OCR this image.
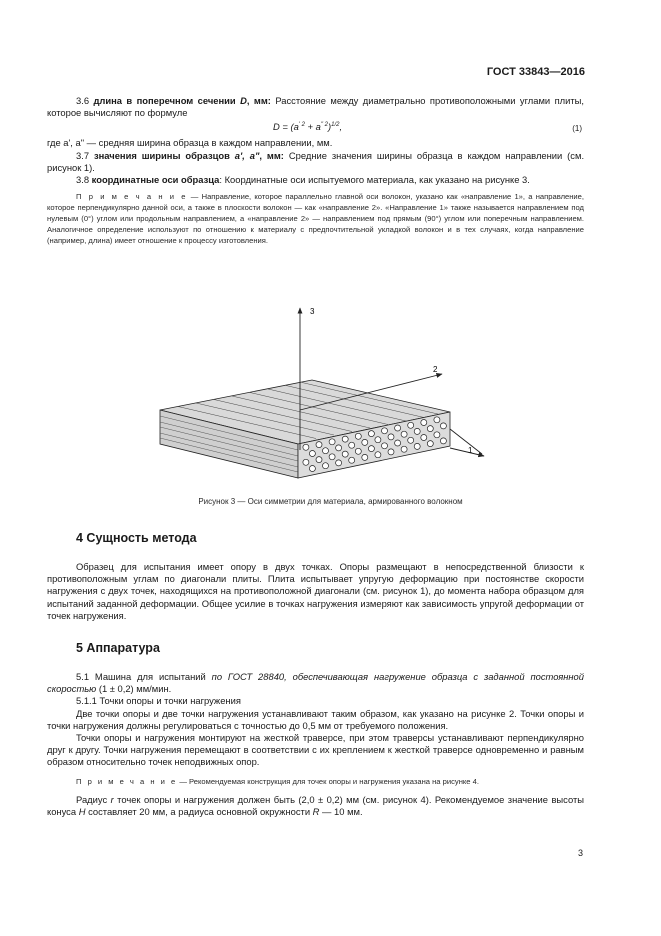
ГОСТ 33843—2016

3.6 длина в поперечном сечении D, мм: Расстояние между диаметрально противоположными углами плиты, которое вычисляют по формуле

$D = (a^{' 2} + a^{" 2})^{1/2}$,	(1)

где a', a" — средняя ширина образца в каждом направлении, мм.

3.7 значения ширины образцов a', a", мм: Средние значения ширины образца в каждом направлении (см. рисунок 1).

3.8 координатные оси образца: Координатные оси испытуемого материала, как указано на рисунке 3.

П р и м е ч а н и е — Направление, которое параллельно главной оси волокон, указано как «направление 1», а направление, которое перпендикулярно данной оси, а также в плоскости волокон — как «направление 2». «Направление 1» также называется направлением под нулевым (0°) углом или продольным направлением, а «направление 2» — направлением под прямым (90°) углом или поперечным направлением. Аналогичное определение используют по отношению к материалу с предпочтительной укладкой волокон и в тех случаях, когда направление (например, длина) имеет отношение к процессу изготовления.

3
2
1
Рисунок 3 — Оси симметрии для материала, армированного волокном
4 Сущность метода

Образец для испытания имеет опору в двух точках. Опоры размещают в непосредственной близости к противоположным углам по диагонали плиты. Плита испытывает упругую деформацию при постоянстве скорости нагружения с двух точек, находящихся на противоположной диагонали (см. рисунок 1), до момента набора образцом для испытаний заданной деформации. Общее усилие в точках нагружения измеряют как зависимость упругой деформации от точек нагружения.

5 Аппаратура

5.1 Машина для испытаний по ГОСТ 28840, обеспечивающая нагружение образца с заданной постоянной скоростью (1 ± 0,2) мм/мин.

5.1.1 Точки опоры и точки нагружения

Две точки опоры и две точки нагружения устанавливают таким образом, как указано на рисунке 2. Точки опоры и точки нагружения должны регулироваться с точностью до 0,5 мм от требуемого положения.

Точки опоры и нагружения монтируют на жесткой траверсе, при этом траверсы устанавливают перпендикулярно друг к другу. Точки нагружения перемещают в соответствии с их креплением к жесткой траверсе одновременно и равным образом относительно точек неподвижных опор.

П р и м е ч а н и е — Рекомендуемая конструкция для точек опоры и нагружения указана на рисунке 4.

Радиус r точек опоры и нагружения должен быть (2,0 ± 0,2) мм (см. рисунок 4). Рекомендуемое значение высоты конуса H составляет 20 мм, а радиуса основной окружности R — 10 мм.

3
